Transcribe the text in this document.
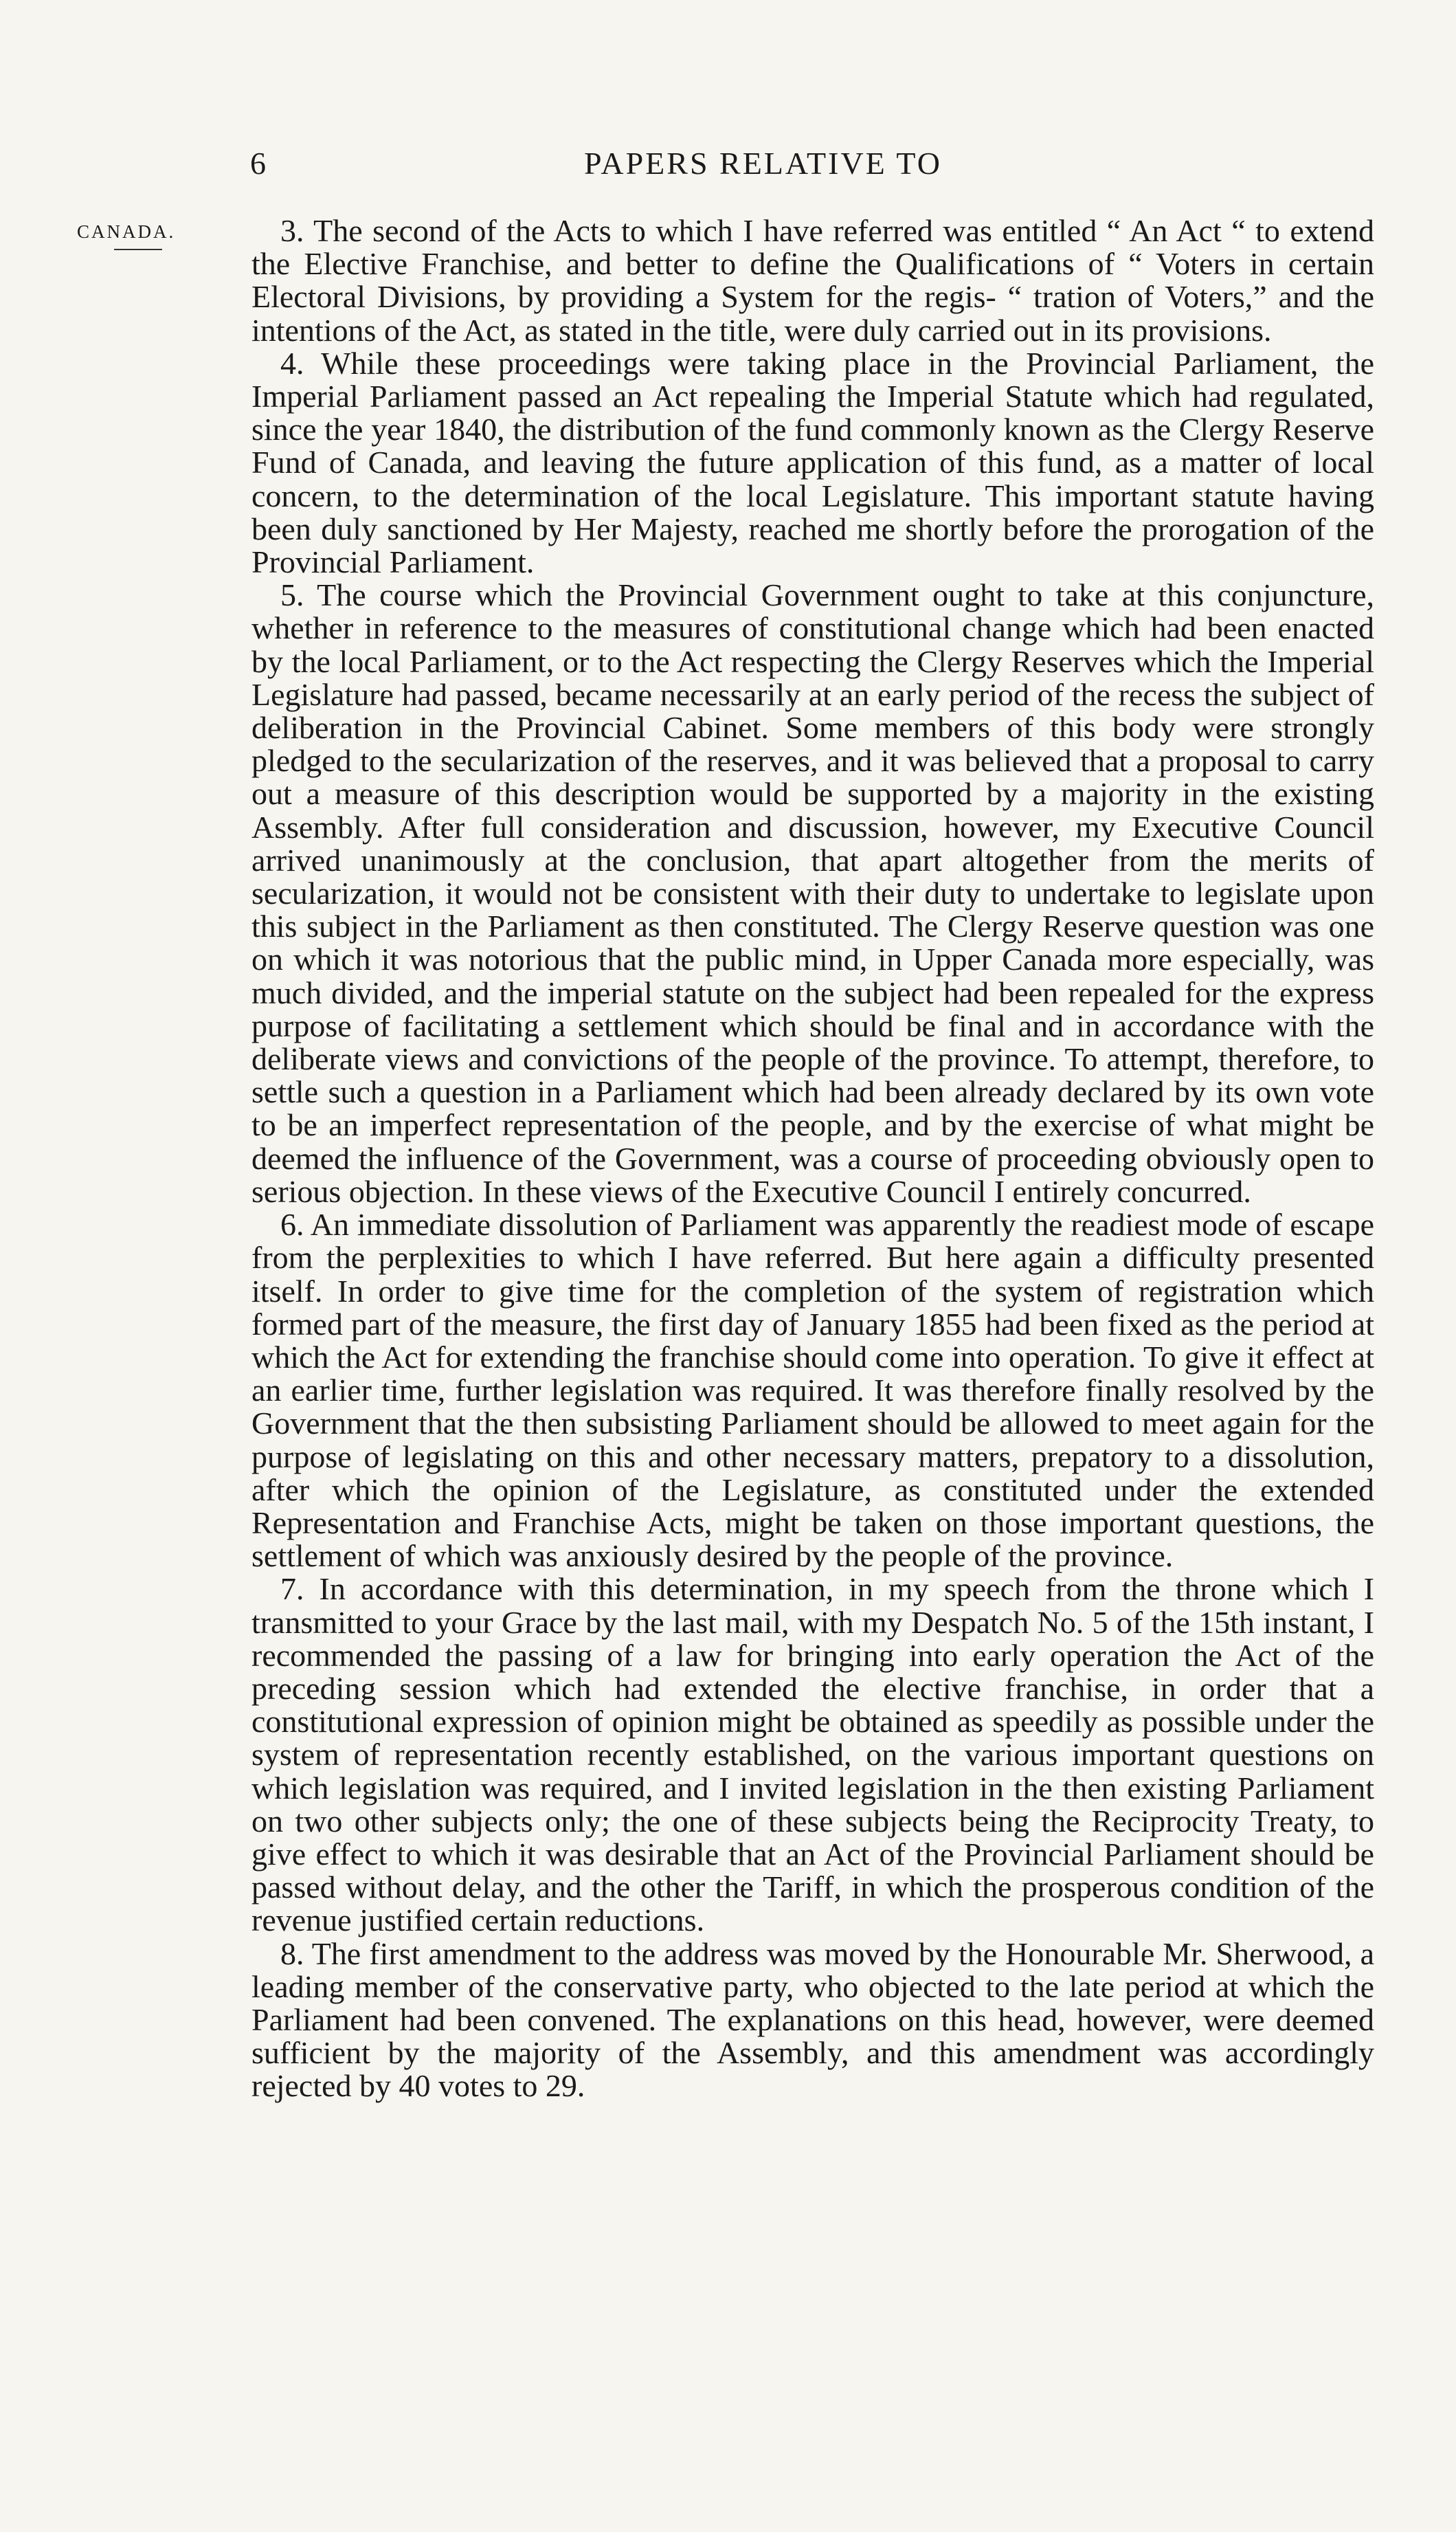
6	PAPERS RELATIVE TO
CANADA.	3. The second of the Acts to which I have referred was entitled “ An Act “ to extend the Elective Franchise, and better to define the Qualifications of “ Voters in certain Electoral Divisions, by providing a System for the regis- “ tration of Voters,” and the intentions of the Act, as stated in the title, were duly carried out in its provisions.

4. While these proceedings were taking place in the Provincial Parliament, the Imperial Parliament passed an Act repealing the Imperial Statute which had regulated, since the year 1840, the distribution of the fund commonly known as the Clergy Reserve Fund of Canada, and leaving the future application of this fund, as a matter of local concern, to the determination of the local Legislature. This important statute having been duly sanctioned by Her Majesty, reached me shortly before the prorogation of the Provincial Parliament.

5. The course which the Provincial Government ought to take at this conjuncture, whether in reference to the measures of constitutional change which had been enacted by the local Parliament, or to the Act respecting the Clergy Reserves which the Imperial Legislature had passed, became necessarily at an early period of the recess the subject of deliberation in the Provincial Cabinet. Some members of this body were strongly pledged to the secularization of the reserves, and it was believed that a proposal to carry out a measure of this description would be supported by a majority in the existing Assembly. After full consideration and discussion, however, my Executive Council arrived unanimously at the conclusion, that apart altogether from the merits of secularization, it would not be consistent with their duty to undertake to legislate upon this subject in the Parliament as then constituted. The Clergy Reserve question was one on which it was notorious that the public mind, in Upper Canada more especially, was much divided, and the imperial statute on the subject had been repealed for the express purpose of facilitating a settlement which should be final and in accordance with the deliberate views and convictions of the people of the province. To attempt, therefore, to settle such a question in a Parliament which had been already declared by its own vote to be an imperfect representation of the people, and by the exercise of what might be deemed the influence of the Government, was a course of proceeding obviously open to serious objection. In these views of the Executive Council I entirely concurred.

6. An immediate dissolution of Parliament was apparently the readiest mode of escape from the perplexities to which I have referred. But here again a difficulty presented itself. In order to give time for the completion of the system of registration which formed part of the measure, the first day of January 1855 had been fixed as the period at which the Act for extending the franchise should come into operation. To give it effect at an earlier time, further legislation was required. It was therefore finally resolved by the Government that the then subsisting Parliament should be allowed to meet again for the purpose of legislating on this and other necessary matters, prepatory to a dissolution, after which the opinion of the Legislature, as constituted under the extended Representation and Franchise Acts, might be taken on those important questions, the settlement of which was anxiously desired by the people of the province.

7. In accordance with this determination, in my speech from the throne which I transmitted to your Grace by the last mail, with my Despatch No. 5 of the 15th instant, I recommended the passing of a law for bringing into early operation the Act of the preceding session which had extended the elective franchise, in order that a constitutional expression of opinion might be obtained as speedily as possible under the system of representation recently established, on the various important questions on which legislation was required, and I invited legislation in the then existing Parliament on two other subjects only; the one of these subjects being the Reciprocity Treaty, to give effect to which it was desirable that an Act of the Provincial Parliament should be passed without delay, and the other the Tariff, in which the prosperous condition of the revenue justified certain reductions.

8. The first amendment to the address was moved by the Honourable Mr. Sherwood, a leading member of the conservative party, who objected to the late period at which the Parliament had been convened. The explanations on this head, however, were deemed sufficient by the majority of the Assembly, and this amendment was accordingly rejected by 40 votes to 29.
